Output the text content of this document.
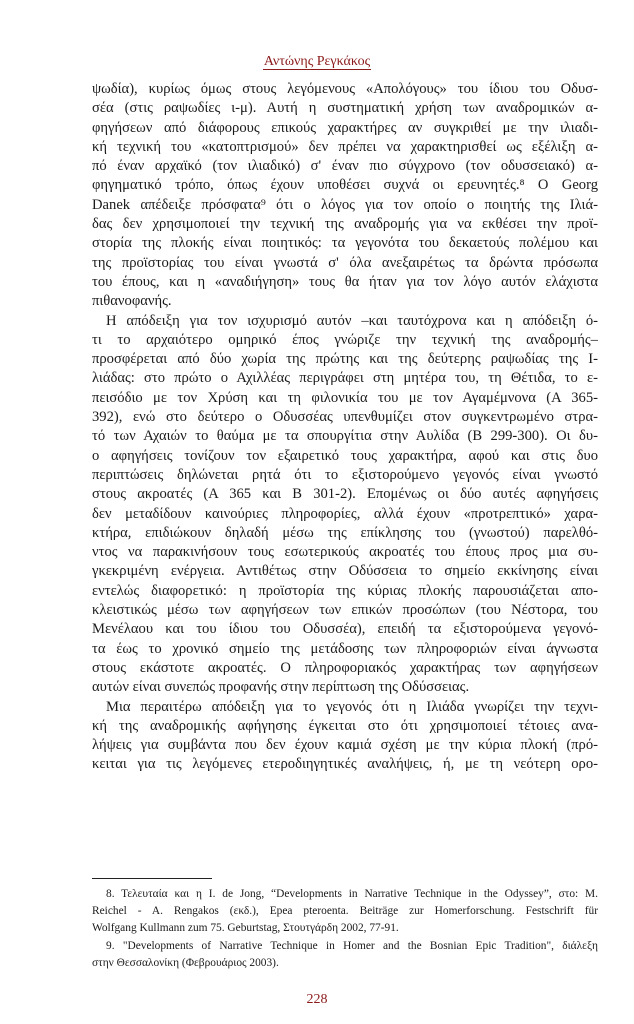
Αντώνης Ρεγκάκος
ψωδία), κυρίως όμως στους λεγόμενους «Απολόγους» του ίδιου του Οδυσ-
σέα (στις ραψωδίες ι-μ). Αυτή η συστηματική χρήση των αναδρομικών α-
φηγήσεων από διάφορους επικούς χαρακτήρες αν συγκριθεί με την ιλιαδι-
κή τεχνική του «κατοπτρισμού» δεν πρέπει να χαρακτηρισθεί ως εξέλιξη α-
πό έναν αρχαϊκό (τον ιλιαδικό) σ' έναν πιο σύγχρονο (τον οδυσσειακό) α-
φηγηματικό τρόπο, όπως έχουν υποθέσει συχνά οι ερευνητές.⁸ Ο Georg
Danek απέδειξε πρόσφατα⁹ ότι ο λόγος για τον οποίο ο ποιητής της Ιλιά-
δας δεν χρησιμοποιεί την τεχνική της αναδρομής για να εκθέσει την προϊ-
στορία της πλοκής είναι ποιητικός: τα γεγονότα του δεκαετούς πολέμου και
της προϊστορίας του είναι γνωστά σ' όλα ανεξαιρέτως τα δρώντα πρόσωπα
του έπους, και η «αναδιήγηση» τους θα ήταν για τον λόγο αυτόν ελάχιστα
πιθανοφανής.
Η απόδειξη για τον ισχυρισμό αυτόν –και ταυτόχρονα και η απόδειξη ό-
τι το αρχαιότερο ομηρικό έπος γνώριζε την τεχνική της αναδρομής–
προσφέρεται από δύο χωρία της πρώτης και της δεύτερης ραψωδίας της Ι-
λιάδας: στο πρώτο ο Αχιλλέας περιγράφει στη μητέρα του, τη Θέτιδα, το ε-
πεισόδιο με τον Χρύση και τη φιλονικία του με τον Αγαμέμνονα (Α 365-
392), ενώ στο δεύτερο ο Οδυσσέας υπενθυμίζει στον συγκεντρωμένο στρα-
τό των Αχαιών το θαύμα με τα σπουργίτια στην Αυλίδα (Β 299-300). Οι δυ-
ο αφηγήσεις τονίζουν τον εξαιρετικό τους χαρακτήρα, αφού και στις δυο
περιπτώσεις δηλώνεται ρητά ότι το εξιστορούμενο γεγονός είναι γνωστό
στους ακροατές (Α 365 και Β 301-2). Επομένως οι δύο αυτές αφηγήσεις
δεν μεταδίδουν καινούριες πληροφορίες, αλλά έχουν «προτρεπτικό» χαρα-
κτήρα, επιδιώκουν δηλαδή μέσω της επίκλησης του (γνωστού) παρελθό-
ντος να παρακινήσουν τους εσωτερικούς ακροατές του έπους προς μια συ-
γκεκριμένη ενέργεια. Αντιθέτως στην Οδύσσεια το σημείο εκκίνησης είναι
εντελώς διαφορετικό: η προϊστορία της κύριας πλοκής παρουσιάζεται απο-
κλειστικώς μέσω των αφηγήσεων των επικών προσώπων (του Νέστορα, του
Μενέλαου και του ίδιου του Οδυσσέα), επειδή τα εξιστορούμενα γεγονό-
τα έως το χρονικό σημείο της μετάδοσης των πληροφοριών είναι άγνωστα
στους εκάστοτε ακροατές. Ο πληροφοριακός χαρακτήρας των αφηγήσεων
αυτών είναι συνεπώς προφανής στην περίπτωση της Οδύσσειας.
Μια περαιτέρω απόδειξη για το γεγονός ότι η Ιλιάδα γνωρίζει την τεχνι-
κή της αναδρομικής αφήγησης έγκειται στο ότι χρησιμοποιεί τέτοιες ανα-
λήψεις για συμβάντα που δεν έχουν καμιά σχέση με την κύρια πλοκή (πρό-
κειται για τις λεγόμενες ετεροδιηγητικές αναλήψεις, ή, με τη νεότερη ορο-
8. Τελευταία και η I. de Jong, “Developments in Narrative Technique in the Odyssey”, στο: M.
Reichel - A. Rengakos (εκδ.), Epea pteroenta. Beiträge zur Homerforschung. Festschrift für
Wolfgang Kullmann zum 75. Geburtstag, Στουτγάρδη 2002, 77-91.
9. "Developments of Narrative Technique in Homer and the Bosnian Epic Tradition", διάλεξη
στην Θεσσαλονίκη (Φεβρουάριος 2003).
228
